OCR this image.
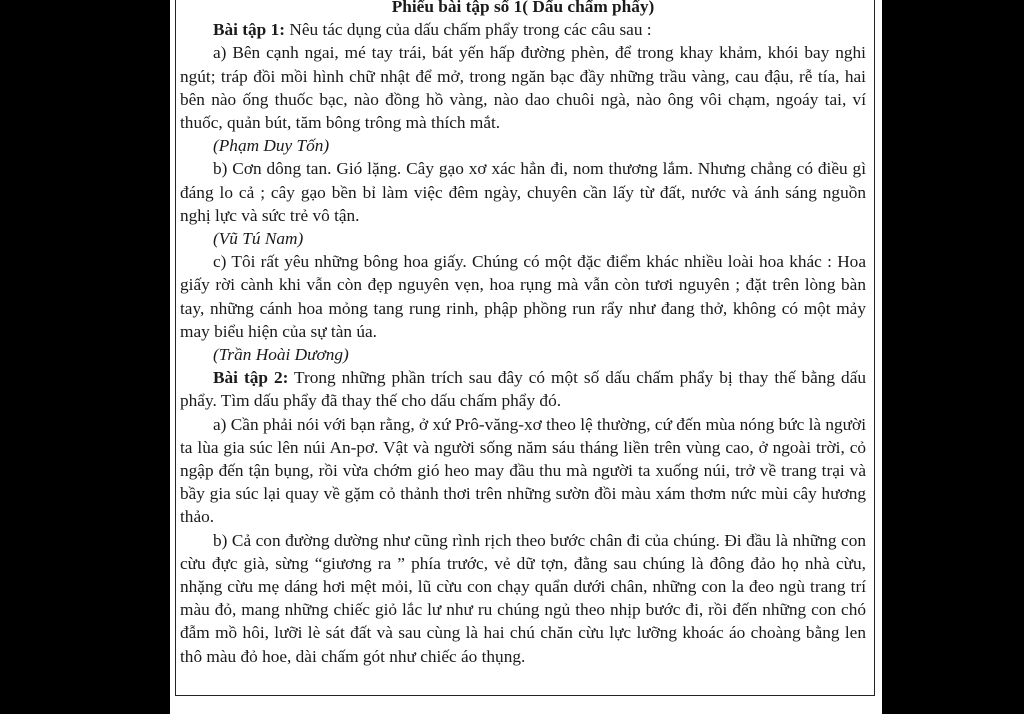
Phiếu bài tập số 1( Dấu chấm phẩy)

Bài tập 1: Nêu tác dụng của dấu chấm phẩy trong các câu sau :

a) Bên cạnh ngai, mé tay trái, bát yến hấp đường phèn, để trong khay khảm, khói bay nghi ngút; tráp đồi mồi hình chữ nhật để mở, trong ngăn bạc đầy những trầu vàng, cau đậu, rễ tía, hai bên nào ống thuốc bạc, nào đồng hồ vàng, nào dao chuôi ngà, nào ông vôi chạm, ngoáy tai, ví thuốc, quản bút, tăm bông trông mà thích mắt.

(Phạm Duy Tốn)

b) Cơn dông tan. Gió lặng. Cây gạo xơ xác hẳn đi, nom thương lắm. Nhưng chẳng có điều gì đáng lo cả ; cây gạo bền bỉ làm việc đêm ngày, chuyên cần lấy từ đất, nước và ánh sáng nguồn nghị lực và sức trẻ vô tận.

(Vũ Tú Nam)

c) Tôi rất yêu những bông hoa giấy. Chúng có một đặc điểm khác nhiều loài hoa khác : Hoa giấy rời cành khi vẫn còn đẹp nguyên vẹn, hoa rụng mà vẫn còn tươi nguyên ; đặt trên lòng bàn tay, những cánh hoa mỏng tang rung rinh, phập phồng run rẩy như đang thở, không có một mảy may biểu hiện của sự tàn úa.

(Trần Hoài Dương)

Bài tập 2: Trong những phần trích sau đây có một số dấu chấm phẩy bị thay thế bằng dấu phẩy. Tìm dấu phẩy đã thay thế cho dấu chấm phẩy đó.

a) Cần phải nói với bạn rằng, ở xứ Prô-văng-xơ theo lệ thường, cứ đến mùa nóng bức là người ta lùa gia súc lên núi An-pơ. Vật và người sống năm sáu tháng liền trên vùng cao, ở ngoài trời, cỏ ngập đến tận bụng, rồi vừa chớm gió heo may đầu thu mà người ta xuống núi, trở về trang trại và bầy gia súc lại quay về gặm cỏ thảnh thơi trên những sườn đồi màu xám thơm nức mùi cây hương thảo.

b) Cả con đường dường như cũng rình rịch theo bước chân đi của chúng. Đi đầu là những con cừu đực già, sừng “giương ra ” phía trước, vẻ dữ tợn, đằng sau chúng là đông đảo họ nhà cừu, nhặng cừu mẹ dáng hơi mệt mỏi, lũ cừu con chạy quẩn dưới chân, những con la đeo ngù trang trí màu đỏ, mang những chiếc giỏ lắc lư như ru chúng ngủ theo nhịp bước đi, rồi đến những con chó đẫm mồ hôi, lưỡi lè sát đất và sau cùng là hai chú chăn cừu lực lưỡng khoác áo choàng bằng len thô màu đỏ hoe, dài chấm gót như chiếc áo thụng.
